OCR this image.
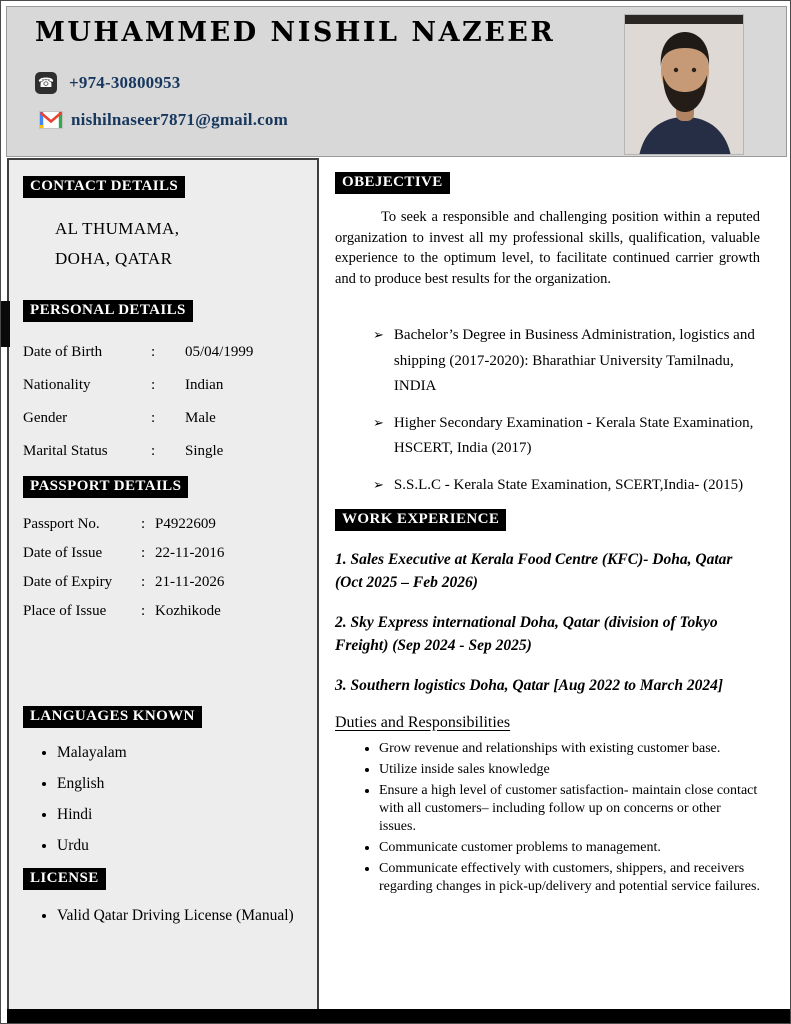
MUHAMMED NISHIL NAZEER
☎ +974-30800953
nishilnaseer7871@gmail.com
CONTACT DETAILS
AL THUMAMA,
DOHA, QATAR
PERSONAL DETAILS
Date of Birth	:	05/04/1999
Nationality	:	Indian
Gender	:	Male
Marital Status	:	Single
PASSPORT DETAILS
Passport No.	: P4922609
Date of Issue	: 22-11-2016
Date of Expiry	: 21-11-2026
Place of Issue	: Kozhikode
LANGUAGES KNOWN
• Malayalam
• English
• Hindi
• Urdu
LICENSE
• Valid Qatar Driving License (Manual)
OBEJECTIVE

To seek a responsible and challenging position within a reputed organization to invest all my professional skills, qualification, valuable experience to the optimum level, to facilitate continued carrier growth and to produce best results for the organization.

➢ Bachelor’s Degree in Business Administration, logistics and shipping (2017-2020): Bharathiar University Tamilnadu, INDIA
➢ Higher Secondary Examination - Kerala State Examination, HSCERT, India (2017)
➢ S.S.L.C - Kerala State Examination, SCERT,India- (2015)
WORK EXPERIENCE

1. Sales Executive at Kerala Food Centre (KFC)- Doha, Qatar (Oct 2025 – Feb 2026)

2. Sky Express international Doha, Qatar (division of Tokyo Freight) (Sep 2024 - Sep 2025)

3. Southern logistics Doha, Qatar [Aug 2022 to March 2024]

Duties and Responsibilities

• Grow revenue and relationships with existing customer base.
• Utilize inside sales knowledge
• Ensure a high level of customer satisfaction- maintain close contact with all customers– including follow up on concerns or other issues.
• Communicate customer problems to management.
• Communicate effectively with customers, shippers, and receivers regarding changes in pick-up/delivery and potential service failures.
